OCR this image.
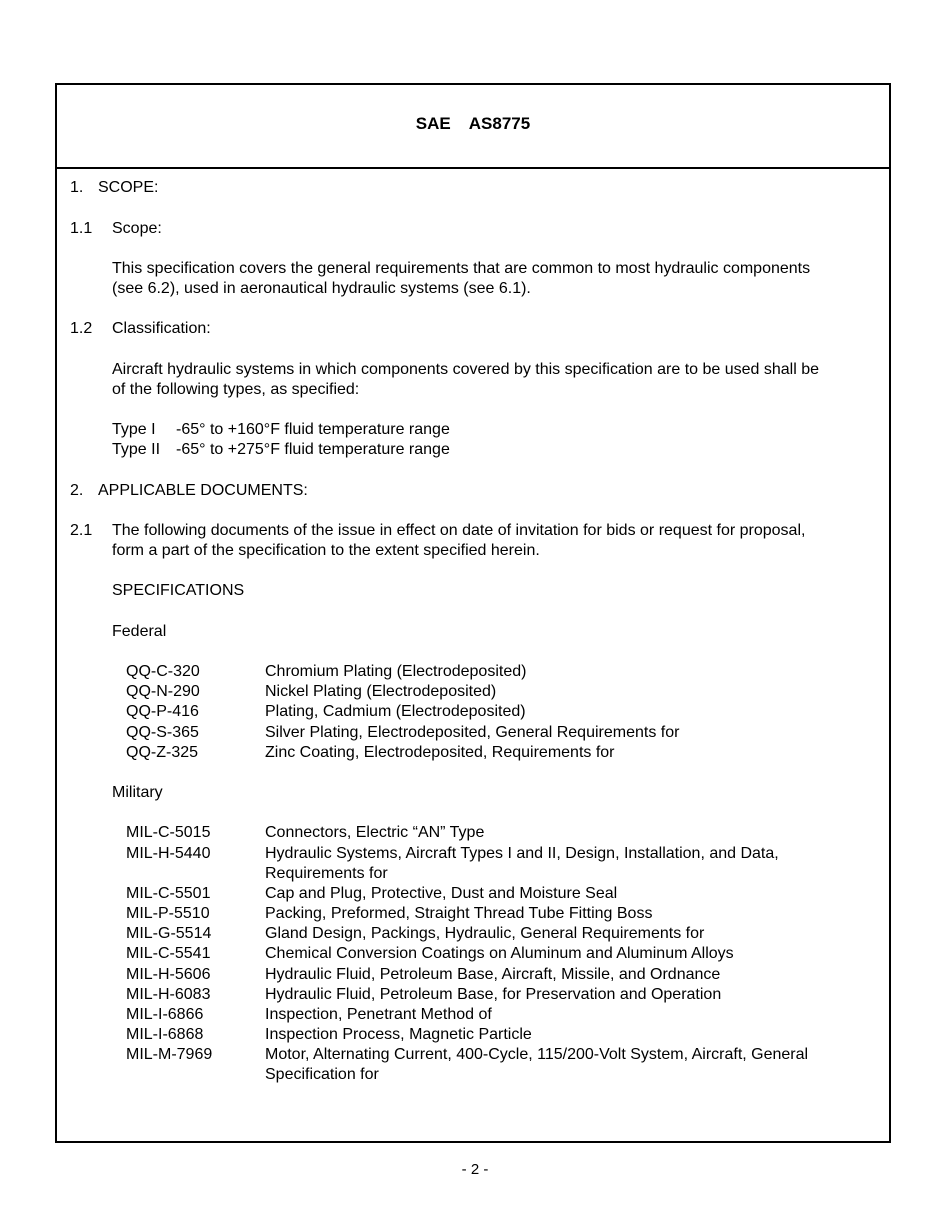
SAE AS8775
1. SCOPE:
1.1 Scope:
This specification covers the general requirements that are common to most hydraulic components
(see 6.2), used in aeronautical hydraulic systems (see 6.1).
1.2 Classification:
Aircraft hydraulic systems in which components covered by this specification are to be used shall be
of the following types, as specified:
Type I -65° to +160°F fluid temperature range
Type II -65° to +275°F fluid temperature range
2. APPLICABLE DOCUMENTS:
2.1 The following documents of the issue in effect on date of invitation for bids or request for proposal,
form a part of the specification to the extent specified herein.
SPECIFICATIONS
Federal
QQ-C-320	Chromium Plating (Electrodeposited)
QQ-N-290	Nickel Plating (Electrodeposited)
QQ-P-416	Plating, Cadmium (Electrodeposited)
QQ-S-365	Silver Plating, Electrodeposited, General Requirements for
QQ-Z-325	Zinc Coating, Electrodeposited, Requirements for
Military
MIL-C-5015	Connectors, Electric “AN” Type
MIL-H-5440	Hydraulic Systems, Aircraft Types I and II, Design, Installation, and Data,
Requirements for
MIL-C-5501	Cap and Plug, Protective, Dust and Moisture Seal
MIL-P-5510	Packing, Preformed, Straight Thread Tube Fitting Boss
MIL-G-5514	Gland Design, Packings, Hydraulic, General Requirements for
MIL-C-5541	Chemical Conversion Coatings on Aluminum and Aluminum Alloys
MIL-H-5606	Hydraulic Fluid, Petroleum Base, Aircraft, Missile, and Ordnance
MIL-H-6083	Hydraulic Fluid, Petroleum Base, for Preservation and Operation
MIL-I-6866	Inspection, Penetrant Method of
MIL-I-6868	Inspection Process, Magnetic Particle
MIL-M-7969	Motor, Alternating Current, 400-Cycle, 115/200-Volt System, Aircraft, General
Specification for
- 2 -
